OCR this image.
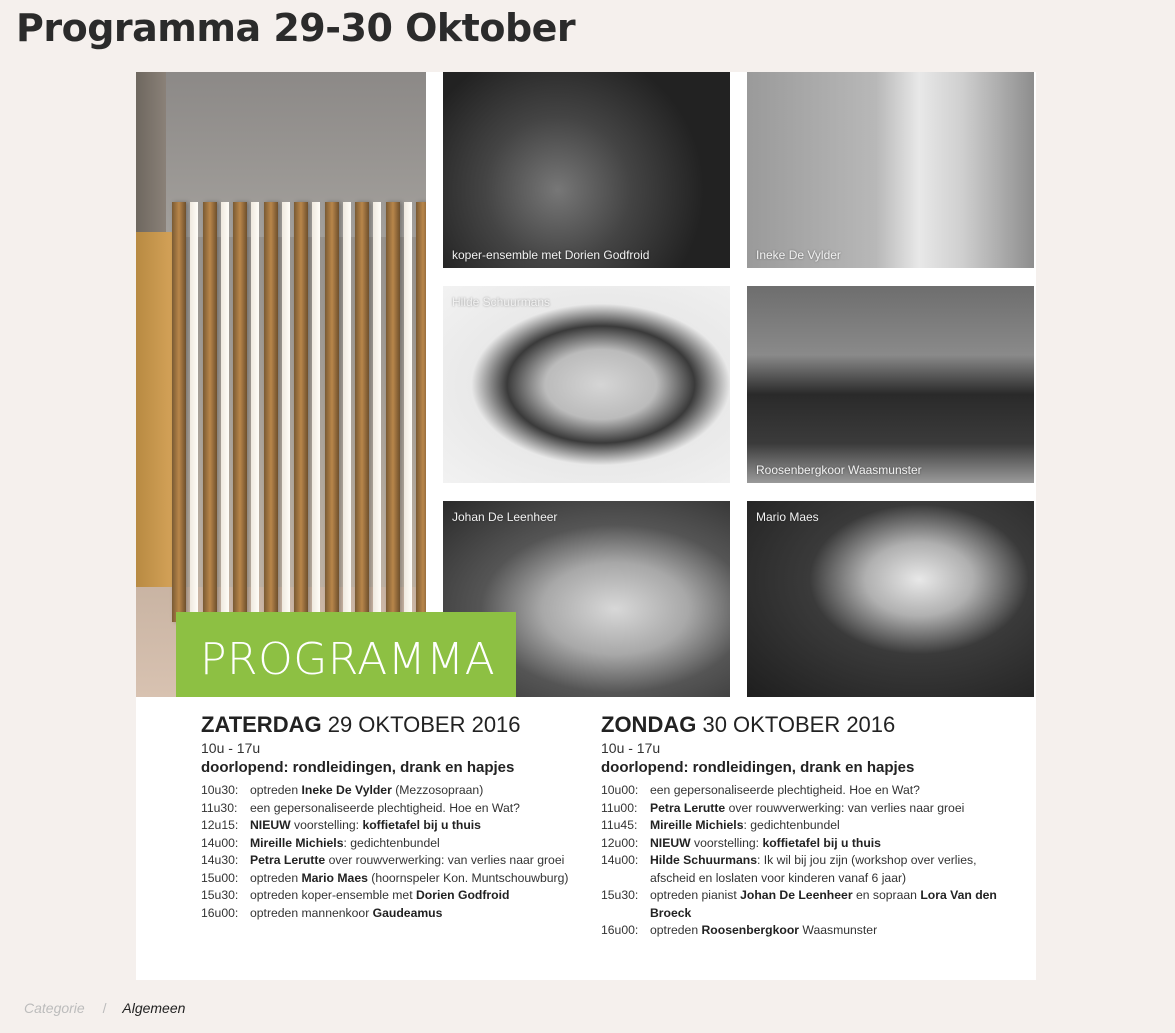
Programma 29-30 Oktober
koper-ensemble met Dorien Godfroid	Ineke De Vylder
Hilde Schuurmans
Roosenbergkoor Waasmunster
Johan De Leenheer	Mario Maes
PROGRAMMA
ZATERDAG 29 OKTOBER 2016
10u - 17u
doorlopend: rondleidingen, drank en hapjes
10u30: optreden Ineke De Vylder (Mezzosopraan)
11u30:	een gepersonaliseerde plechtigheid. Hoe en Wat?
12u15: NIEUW voorstelling: koffietafel bij u thuis
14u00: Mireille Michiels: gedichtenbundel
14u30: Petra Lerutte over rouwverwerking: van verlies naar groei
15u00: optreden Mario Maes (hoornspeler Kon. Muntschouwburg)
15u30: optreden koper-ensemble met Dorien Godfroid
16u00: optreden mannenkoor Gaudeamus
ZONDAG 30 OKTOBER 2016
10u - 17u
doorlopend: rondleidingen, drank en hapjes
10u00: een gepersonaliseerde plechtigheid. Hoe en Wat?
11u00:	Petra Lerutte over rouwverwerking: van verlies naar groei
11u45:	Mireille Michiels: gedichtenbundel
12u00: NIEUW voorstelling: koffietafel bij u thuis
14u00: Hilde Schuurmans: Ik wil bij jou zijn (workshop over verlies, afscheid en loslaten voor kinderen vanaf 6 jaar)
15u30: optreden pianist Johan De Leenheer en sopraan Lora Van den Broeck
16u00: optreden Roosenbergkoor Waasmunster
Categorie / Algemeen
